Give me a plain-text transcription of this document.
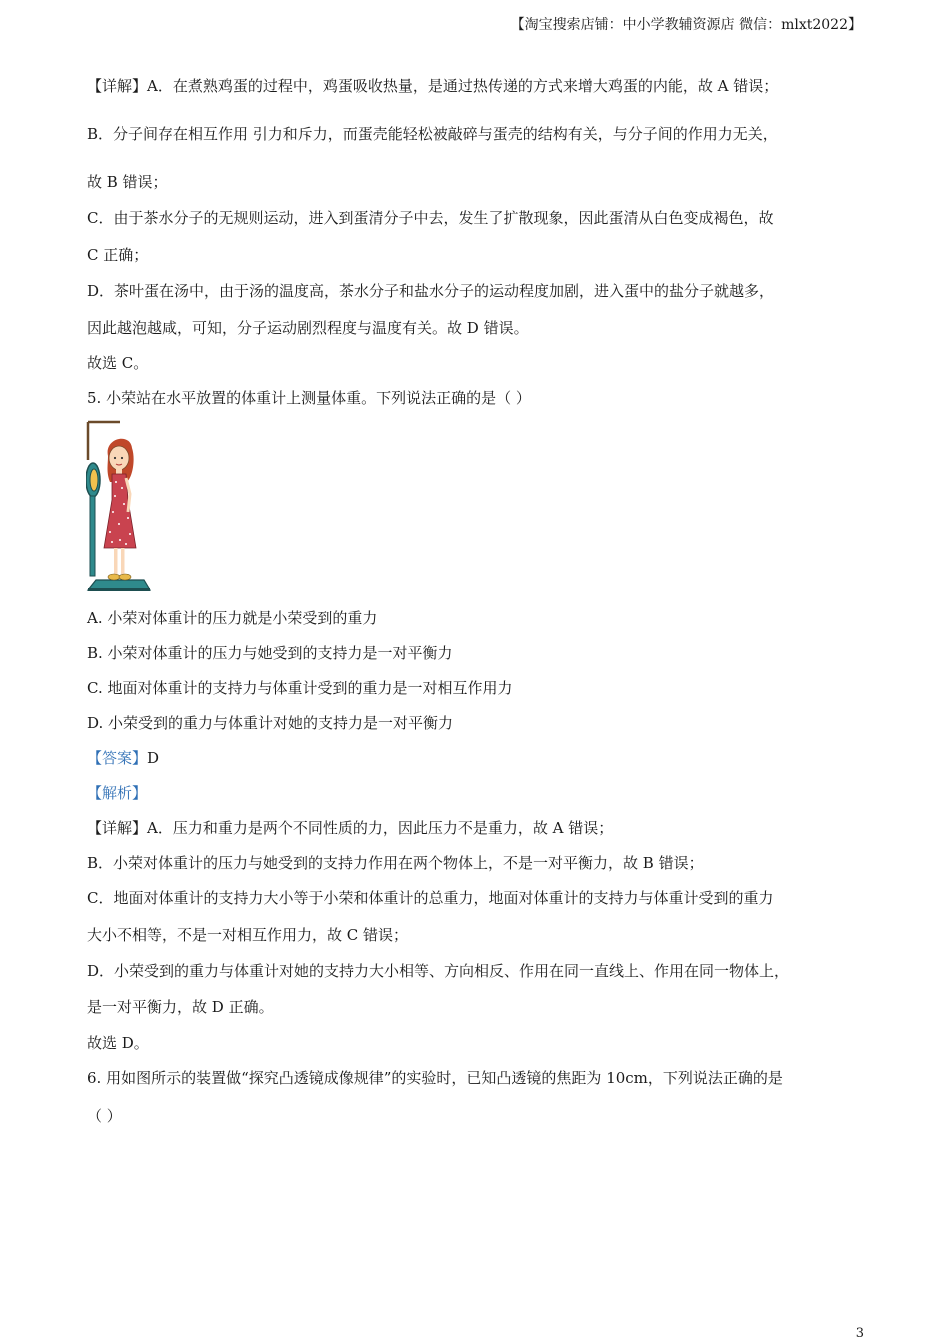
【淘宝搜索店铺：中小学教辅资源店 微信：mlxt2022】
【详解】A．在煮熟鸡蛋的过程中，鸡蛋吸收热量，是通过热传递的方式来增大鸡蛋的内能，故 A 错误；
B．分子间存在相互作用 引力和斥力，而蛋壳能轻松被敲碎与蛋壳的结构有关，与分子间的作用力无关，
故 B 错误；
C．由于茶水分子的无规则运动，进入到蛋清分子中去，发生了扩散现象，因此蛋清从白色变成褐色，故
C 正确；
D．茶叶蛋在汤中，由于汤的温度高，茶水分子和盐水分子的运动程度加剧，进入蛋中的盐分子就越多，
因此越泡越咸，可知，分子运动剧烈程度与温度有关。故 D 错误。
故选 C。
5. 小荣站在水平放置的体重计上测量体重。下列说法正确的是（ ）
A. 小荣对体重计的压力就是小荣受到的重力
B. 小荣对体重计的压力与她受到的支持力是一对平衡力
C. 地面对体重计的支持力与体重计受到的重力是一对相互作用力
D. 小荣受到的重力与体重计对她的支持力是一对平衡力
【答案】D
【解析】
【详解】A．压力和重力是两个不同性质的力，因此压力不是重力，故 A 错误；
B．小荣对体重计的压力与她受到的支持力作用在两个物体上，不是一对平衡力，故 B 错误；
C．地面对体重计的支持力大小等于小荣和体重计的总重力，地面对体重计的支持力与体重计受到的重力
大小不相等，不是一对相互作用力，故 C 错误；
D．小荣受到的重力与体重计对她的支持力大小相等、方向相反、作用在同一直线上、作用在同一物体上，
是一对平衡力，故 D 正确。
故选 D。
6. 用如图所示的装置做“探究凸透镜成像规律”的实验时，已知凸透镜的焦距为 10cm，下列说法正确的是
（ ）
3
